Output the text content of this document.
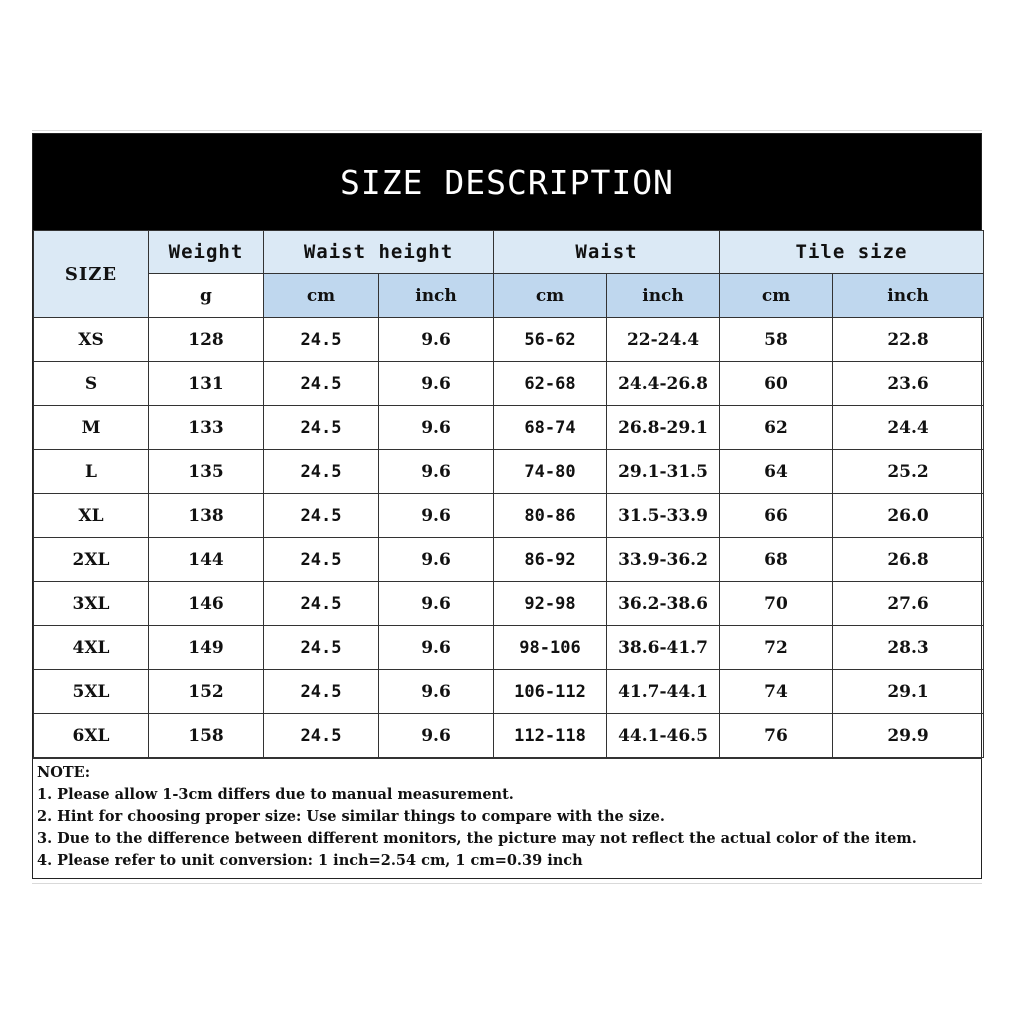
SIZE DESCRIPTION
SIZE	Weight	Waist height		Waist		Tile size	
	g	cm	inch	cm	inch	cm	inch
XS	128	24.5	9.6	56-62	22-24.4	58	22.8
S	131	24.5	9.6	62-68	24.4-26.8	60	23.6
M	133	24.5	9.6	68-74	26.8-29.1	62	24.4
L	135	24.5	9.6	74-80	29.1-31.5	64	25.2
XL	138	24.5	9.6	80-86	31.5-33.9	66	26.0
2XL	144	24.5	9.6	86-92	33.9-36.2	68	26.8
3XL	146	24.5	9.6	92-98	36.2-38.6	70	27.6
4XL	149	24.5	9.6	98-106	38.6-41.7	72	28.3
5XL	152	24.5	9.6	106-112	41.7-44.1	74	29.1
6XL	158	24.5	9.6	112-118	44.1-46.5	76	29.9
NOTE:
1. Please allow 1-3cm differs due to manual measurement.
2. Hint for choosing proper size: Use similar things to compare with the size.
3. Due to the difference between different monitors, the picture may not reflect the actual color of the item.
4. Please refer to unit conversion: 1 inch=2.54 cm, 1 cm=0.39 inch
